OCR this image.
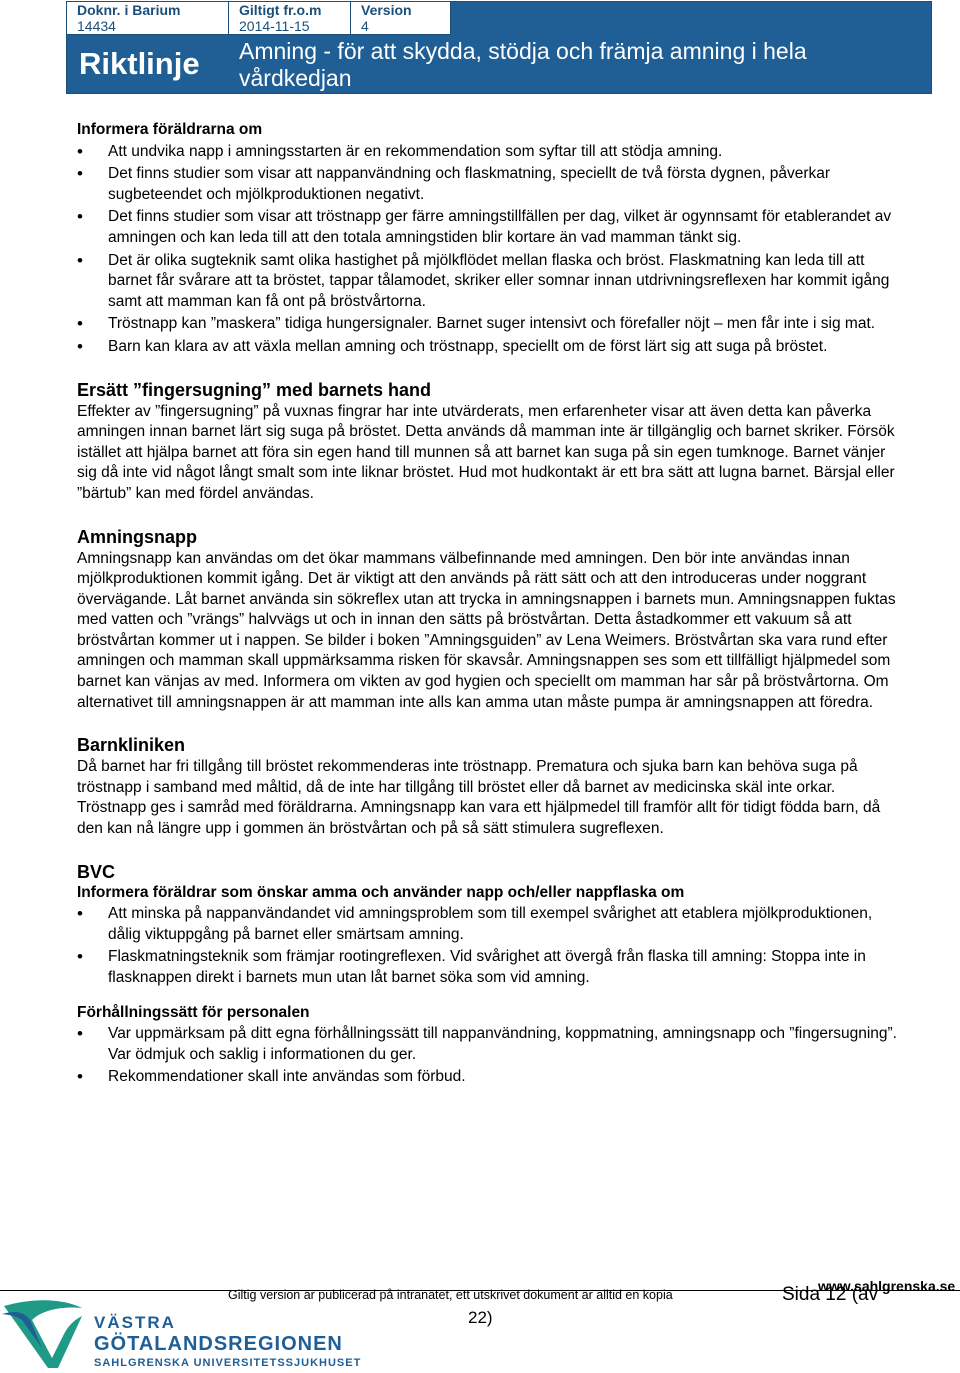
Doknr. i Barium
14434
Giltigt fr.o.m
2014-11-15
Version
4
Riktlinje Amning - för att skydda, stödja och främja amning i hela vårdkedjan
Informera föräldrarna om
• Att undvika napp i amningsstarten är en rekommendation som syftar till att stödja amning.
• Det finns studier som visar att nappanvändning och flaskmatning, speciellt de två första dygnen, påverkar sugbeteendet och mjölkproduktionen negativt.
• Det finns studier som visar att tröstnapp ger färre amningstillfällen per dag, vilket är ogynnsamt för etablerandet av amningen och kan leda till att den totala amningstiden blir kortare än vad mamman tänkt sig.
• Det är olika sugteknik samt olika hastighet på mjölkflödet mellan flaska och bröst. Flaskmatning kan leda till att barnet får svårare att ta bröstet, tappar tålamodet, skriker eller somnar innan utdrivningsreflexen har kommit igång samt att mamman kan få ont på bröstvårtorna.
• Tröstnapp kan ”maskera” tidiga hungersignaler. Barnet suger intensivt och förefaller nöjt – men får inte i sig mat.
• Barn kan klara av att växla mellan amning och tröstnapp, speciellt om de först lärt sig att suga på bröstet.
Ersätt ”fingersugning” med barnets hand

Effekter av ”fingersugning” på vuxnas fingrar har inte utvärderats, men erfarenheter visar att även detta kan påverka amningen innan barnet lärt sig suga på bröstet. Detta används då mamman inte är tillgänglig och barnet skriker. Försök istället att hjälpa barnet att föra sin egen hand till munnen så att barnet kan suga på sin egen tumknoge. Barnet vänjer sig då inte vid något långt smalt som inte liknar bröstet. Hud mot hudkontakt är ett bra sätt att lugna barnet. Bärsjal eller ”bärtub” kan med fördel användas.

Amningsnapp

Amningsnapp kan användas om det ökar mammans välbefinnande med amningen. Den bör inte användas innan mjölkproduktionen kommit igång. Det är viktigt att den används på rätt sätt och att den introduceras under noggrant övervägande. Låt barnet använda sin sökreflex utan att trycka in amningsnappen i barnets mun. Amningsnappen fuktas med vatten och ”vrängs” halvvägs ut och in innan den sätts på bröstvårtan. Detta åstadkommer ett vakuum så att bröstvårtan kommer ut i nappen. Se bilder i boken ”Amningsguiden” av Lena Weimers. Bröstvårtan ska vara rund efter amningen och mamman skall uppmärksamma risken för skavsår. Amningsnappen ses som ett tillfälligt hjälpmedel som barnet kan vänjas av med. Informera om vikten av god hygien och speciellt om mamman har sår på bröstvårtorna. Om alternativet till amningsnappen är att mamman inte alls kan amma utan måste pumpa är amningsnappen att föredra.

Barnkliniken

Då barnet har fri tillgång till bröstet rekommenderas inte tröstnapp. Prematura och sjuka barn kan behöva suga på tröstnapp i samband med måltid, då de inte har tillgång till bröstet eller då barnet av medicinska skäl inte orkar. Tröstnapp ges i samråd med föräldrarna. Amningsnapp kan vara ett hjälpmedel till framför allt för tidigt födda barn, då den kan nå längre upp i gommen än bröstvårtan och på så sätt stimulera sugreflexen.

BVC
Informera föräldrar som önskar amma och använder napp och/eller nappflaska om
• Att minska på nappanvändandet vid amningsproblem som till exempel svårighet att etablera mjölkproduktionen, dålig viktuppgång på barnet eller smärtsam amning.
• Flaskmatningsteknik som främjar rootingreflexen. Vid svårighet att övergå från flaska till amning: Stoppa inte in flasknappen direkt i barnets mun utan låt barnet söka som vid amning.
Förhållningssätt för personalen
• Var uppmärksam på ditt egna förhållningssätt till nappanvändning, koppmatning, amningsnapp och ”fingersugning”. Var ödmjuk och saklig i informationen du ger.
• Rekommendationer skall inte användas som förbud.
VÄSTRA
GÖTALANDSREGIONEN
SAHLGRENSKA UNIVERSITETSSJUKHUSET
Giltig version är publicerad på intranätet, ett utskrivet dokument är alltid en kopia	Sida 12 (av
22)
www.sahlgrenska.se
